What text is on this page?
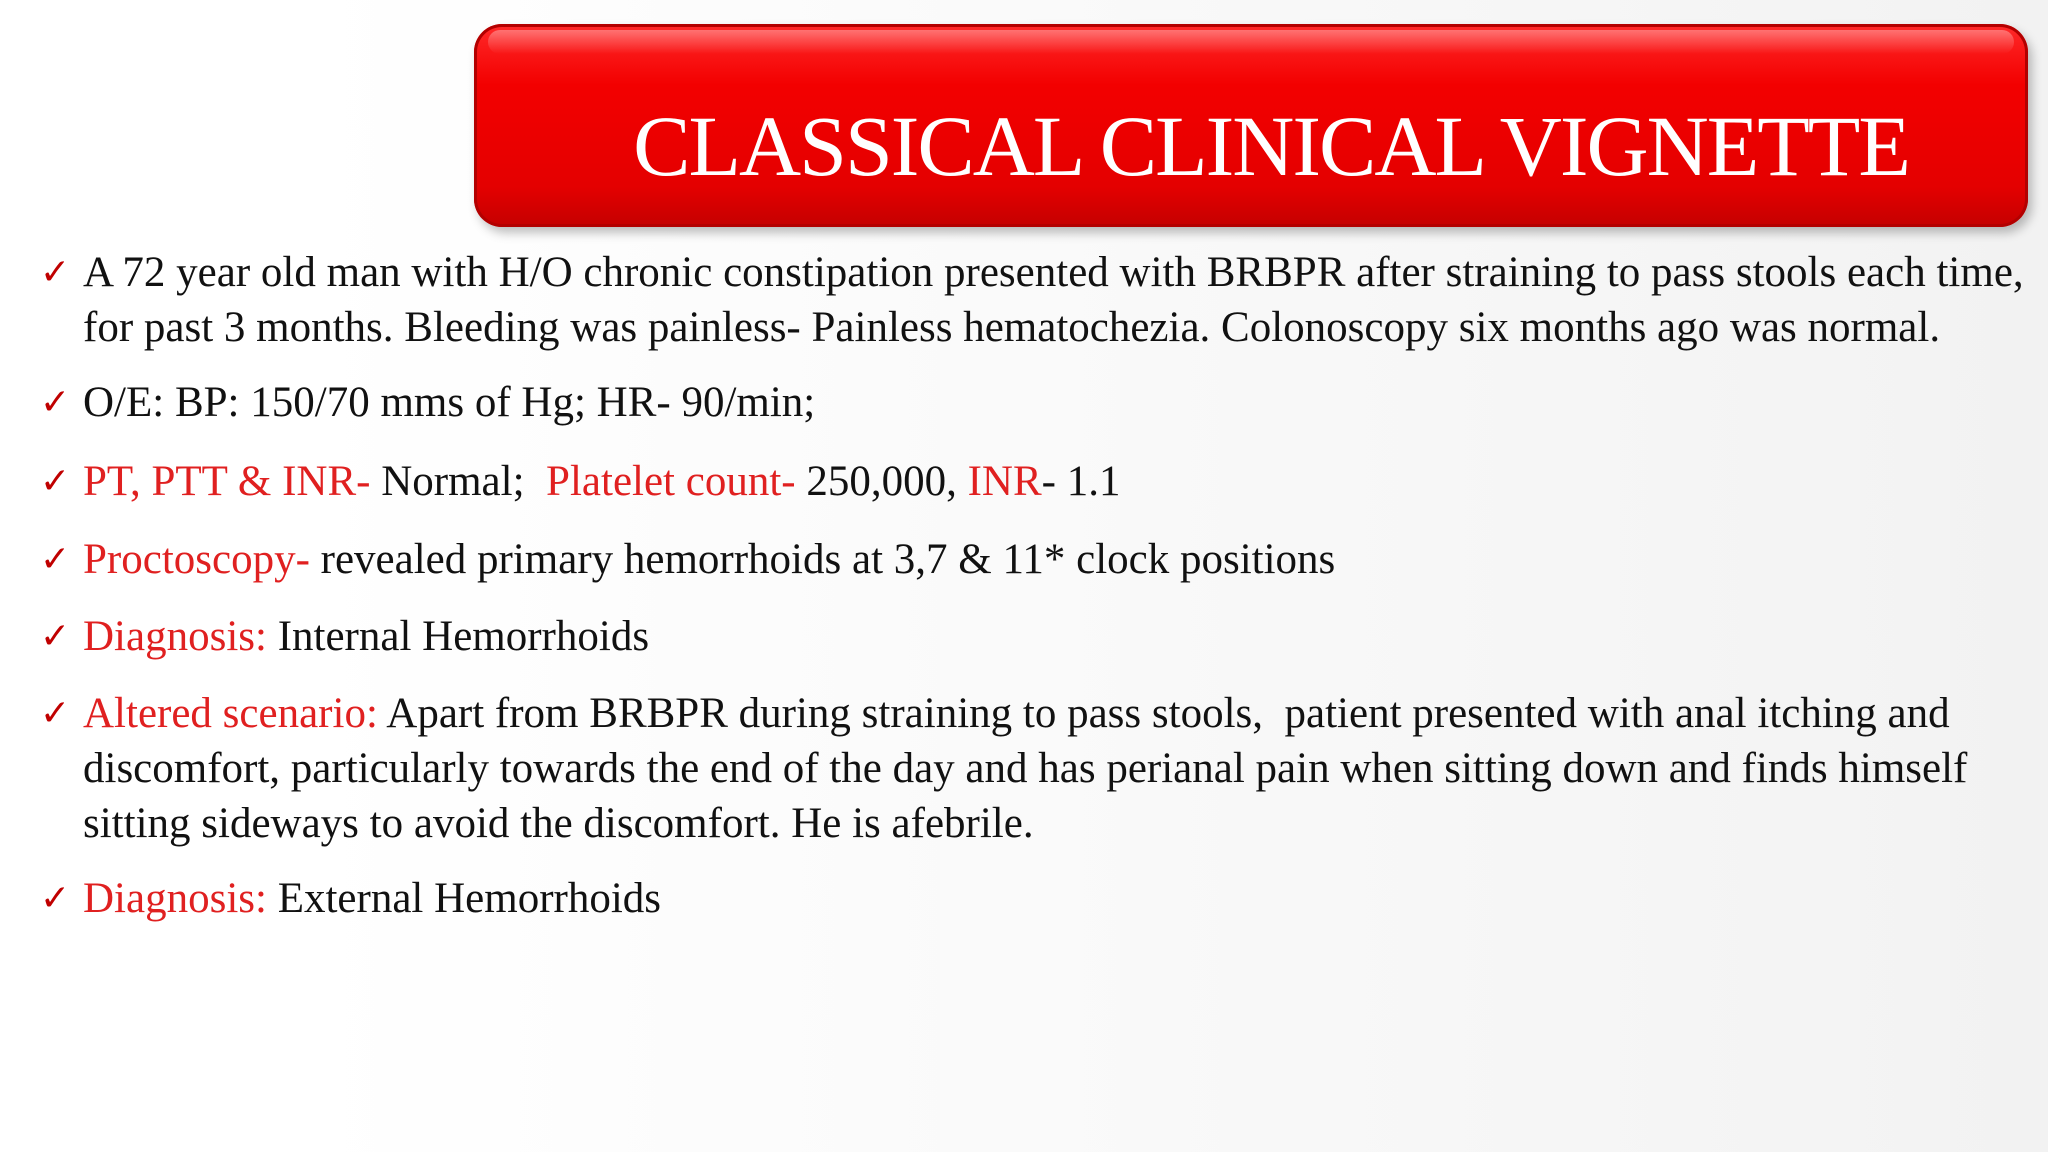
CLASSICAL CLINICAL VIGNETTE
✓ A 72 year old man with H/O chronic constipation presented with BRBPR after straining to pass stools each time, for past 3 months. Bleeding was painless- Painless hematochezia. Colonoscopy six months ago was normal.
✓ O/E: BP: 150/70 mms of Hg; HR- 90/min;
✓ PT, PTT & INR- Normal;  Platelet count- 250,000, INR- 1.1
✓ Proctoscopy- revealed primary hemorrhoids at 3,7 & 11* clock positions
✓ Diagnosis: Internal Hemorrhoids
✓ Altered scenario: Apart from BRBPR during straining to pass stools,  patient presented with anal itching and discomfort, particularly towards the end of the day and has perianal pain when sitting down and finds himself sitting sideways to avoid the discomfort. He is afebrile.
✓ Diagnosis: External Hemorrhoids
